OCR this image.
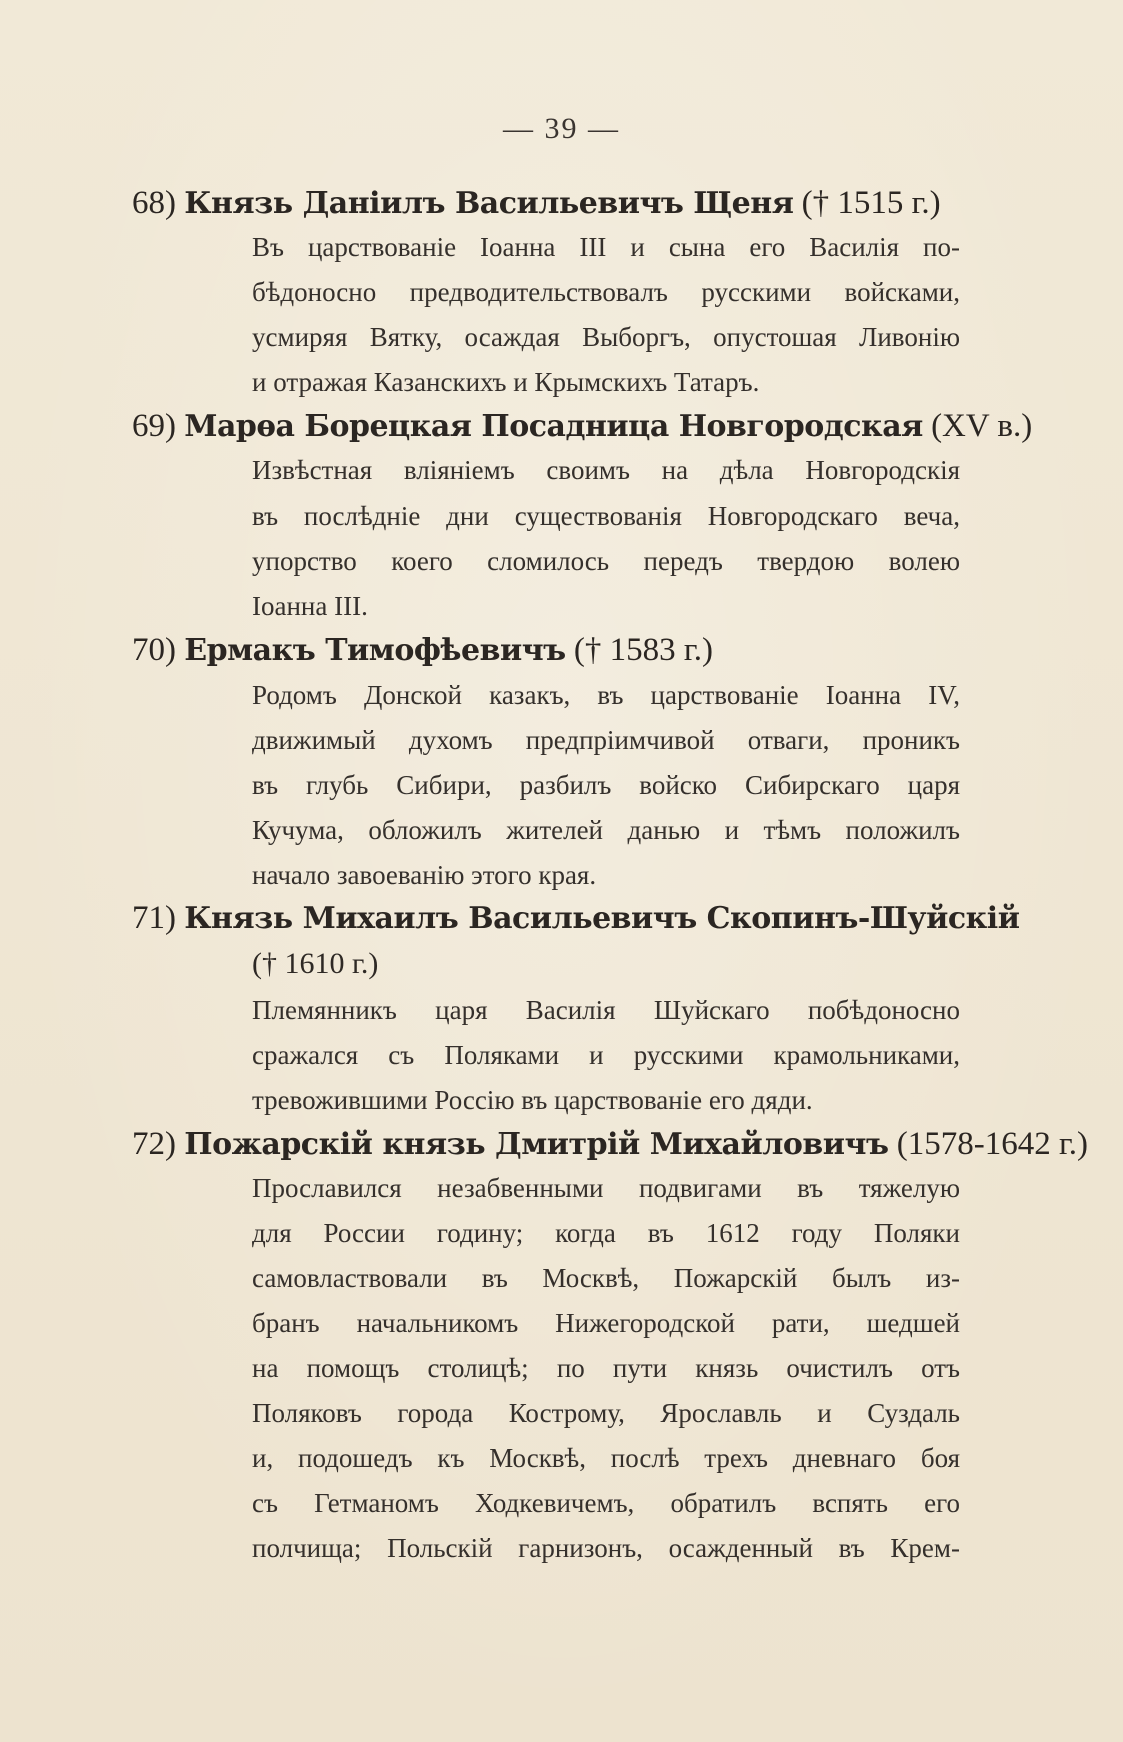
— 39 —
68) Князь Даніилъ Васильевичъ Щеня († 1515 г.)
Въ царствованіе Іоанна III и сына его Василія по-
бѣдоносно предводительствовалъ русскими войсками,
усмиряя Вятку, осаждая Выборгъ, опустошая Ливонію
и отражая Казанскихъ и Крымскихъ Татаръ.
69) Марѳа Борецкая Посадница Новгородская (XV в.)
Извѣстная вліяніемъ своимъ на дѣла Новгородскія
въ послѣдніе дни существованія Новгородскаго веча,
упорство коего сломилось передъ твердою волею
Іоанна III.
70) Ермакъ Тимофѣевичъ († 1583 г.)
Родомъ Донской казакъ, въ царствованіе Іоанна IV,
движимый духомъ предпріимчивой отваги, проникъ
въ глубь Сибири, разбилъ войско Сибирскаго царя
Кучума, обложилъ жителей данью и тѣмъ положилъ
начало завоеванію этого края.
71) Князь Михаилъ Васильевичъ Скопинъ-Шуйскій
(† 1610 г.)
Племянникъ царя Василія Шуйскаго побѣдоносно
сражался съ Поляками и русскими крамольниками,
тревожившими Россію въ царствованіе его дяди.
72) Пожарскій князь Дмитрій Михайловичъ (1578-1642 г.)
Прославился незабвенными подвигами въ тяжелую
для России годину; когда въ 1612 году Поляки
самовластвовали въ Москвѣ, Пожарскій былъ из-
бранъ начальникомъ Нижегородской рати, шедшей
на помощъ столицѣ; по пути князь очистилъ отъ
Поляковъ города Кострому, Ярославль и Суздаль
и, подошедъ къ Москвѣ, послѣ трехъ дневнаго боя
съ Гетманомъ Ходкевичемъ, обратилъ вспять его
полчища; Польскій гарнизонъ, осажденный въ Крем-
